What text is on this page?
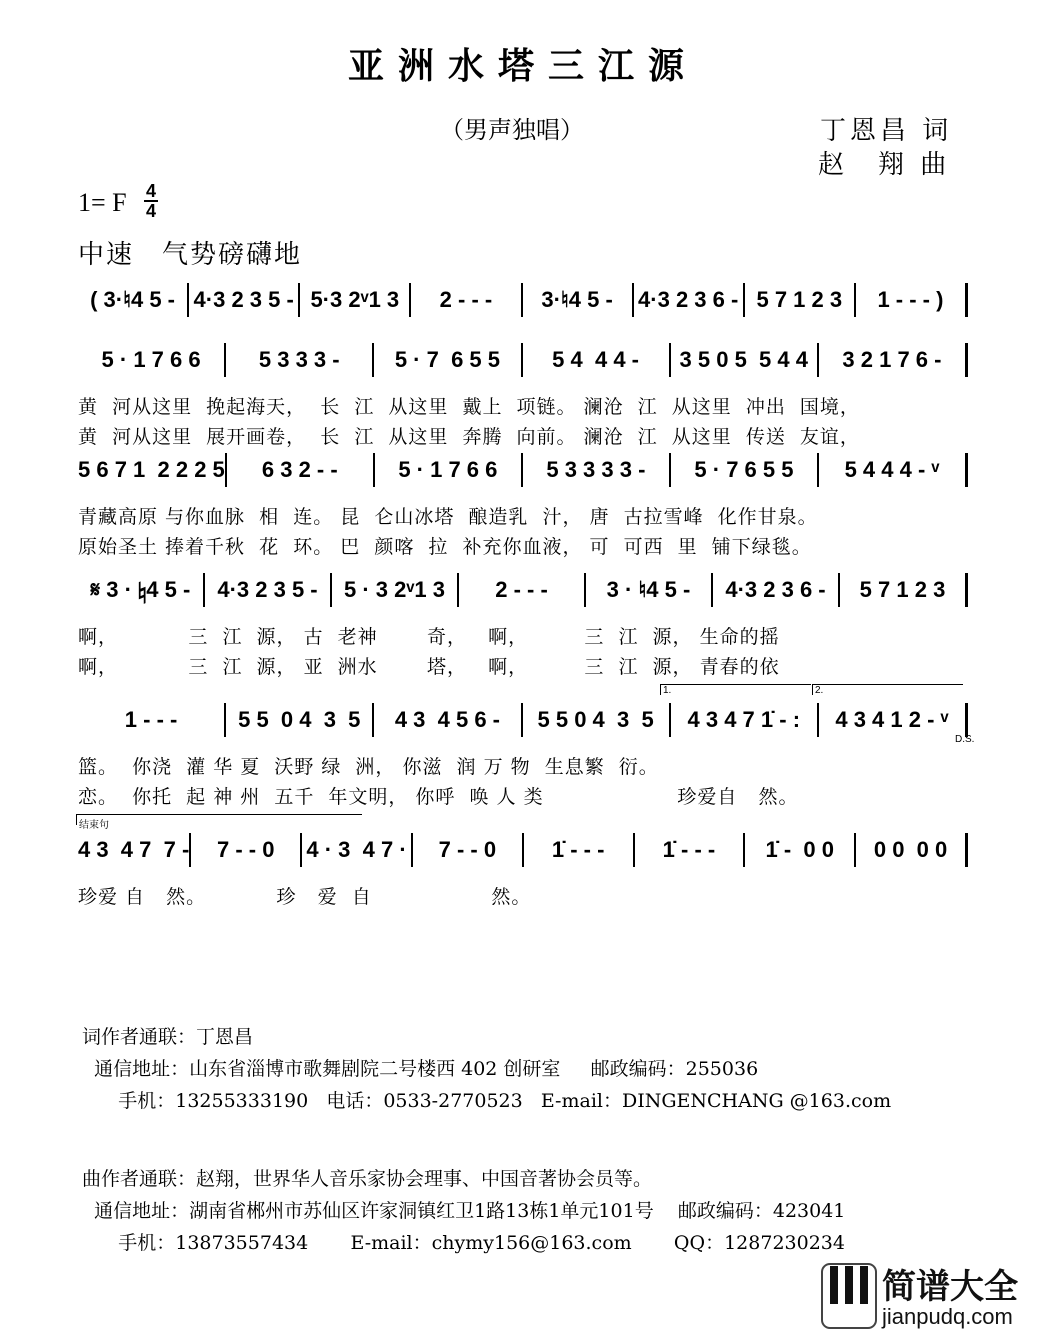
亚洲水塔三江源
（男声独唱）	丁恩昌 词
赵　翔 曲
1= F 4
4
中速　气势磅礴地
( 3·♮4 5 - 4·3 2 3 5 - 5·3 2ᵛ1 3	2 - - -	3·♮4 5 -	4·3 2 3 6 - 5 7 1 2 3	1 - - - )
5 · 1 7 6 6	5 3 3 3 -	5 · 7  6 5 5	5 4  4 4 -	3 5 0 5  5 4 4	3 2 1 7 6 -
黄  河从这里  挽起海天，  长  江  从这里  戴上  项链。 澜沧  江  从这里  冲出  国境，
黄  河从这里  展开画卷，  长  江  从这里  奔腾  向前。 澜沧  江  从这里  传送  友谊，
5 6 7 1  2 2 2 5	6 3 2 - -	5 · 1 7 6 6	5 3 3 3 3 -	5 · 7 6 5 5	5 4 4 4 - ᵛ
青藏高原 与你血脉  相  连。 昆  仑山冰塔  酿造乳  汁， 唐  古拉雪峰  化作甘泉。
原始圣土 捧着千秋  花  环。 巴  颜喀  拉  补充你血液， 可  可西  里  铺下绿毯。
𝄋 3 · ♮4 5 -	4·3 2 3 5 -	5 · 3 2ᵛ1 3	2 - - -	3 · ♮4 5 -	4·3 2 3 6 -	5 7 1 2 3
啊，          三  江  源， 古  老神       奇，   啊，        三  江  源， 生命的摇
啊，          三  江  源， 亚  洲水       塔，   啊，        三  江  源， 青春的依
1 - - -	5 5  0 4  3  5	4 3  4 5 6 -	5 5 0 4  3  5	4 3 4 7 1̇ - :	4 3 4 1 2 - ᵛ
篮。  你浇  灌 华 夏  沃野 绿  洲， 你滋  润 万 物  生息繁  衍。
恋。  你托  起 神 州  五千  年文明， 你呼  唤 人 类                   珍爱自   然。
1.	2.
D.S.
4 3  4 7  7 -	7 - - 0	4 · 3  4 7 ·	7 - - 0	1̇ - - -	1̇ - - -	1̇ -  0 0	0 0  0 0
珍爱 自   然。          珍   爱  自                 然。
结束句
词作者通联：丁恩昌
通信地址：山东省淄博市歌舞剧院二号楼西 402 创研室     邮政编码：255036
手机：13255333190   电话：0533-2770523   E-mail：DINGENCHANG @163.com
曲作者通联：赵翔，世界华人音乐家协会理事、中国音著协会员等。
通信地址：湖南省郴州市苏仙区许家洞镇红卫1路13栋1单元101号    邮政编码：423041
手机：13873557434       E-mail：chymy156@163.com       QQ：1287230234
简谱大全
jianpudq.com
